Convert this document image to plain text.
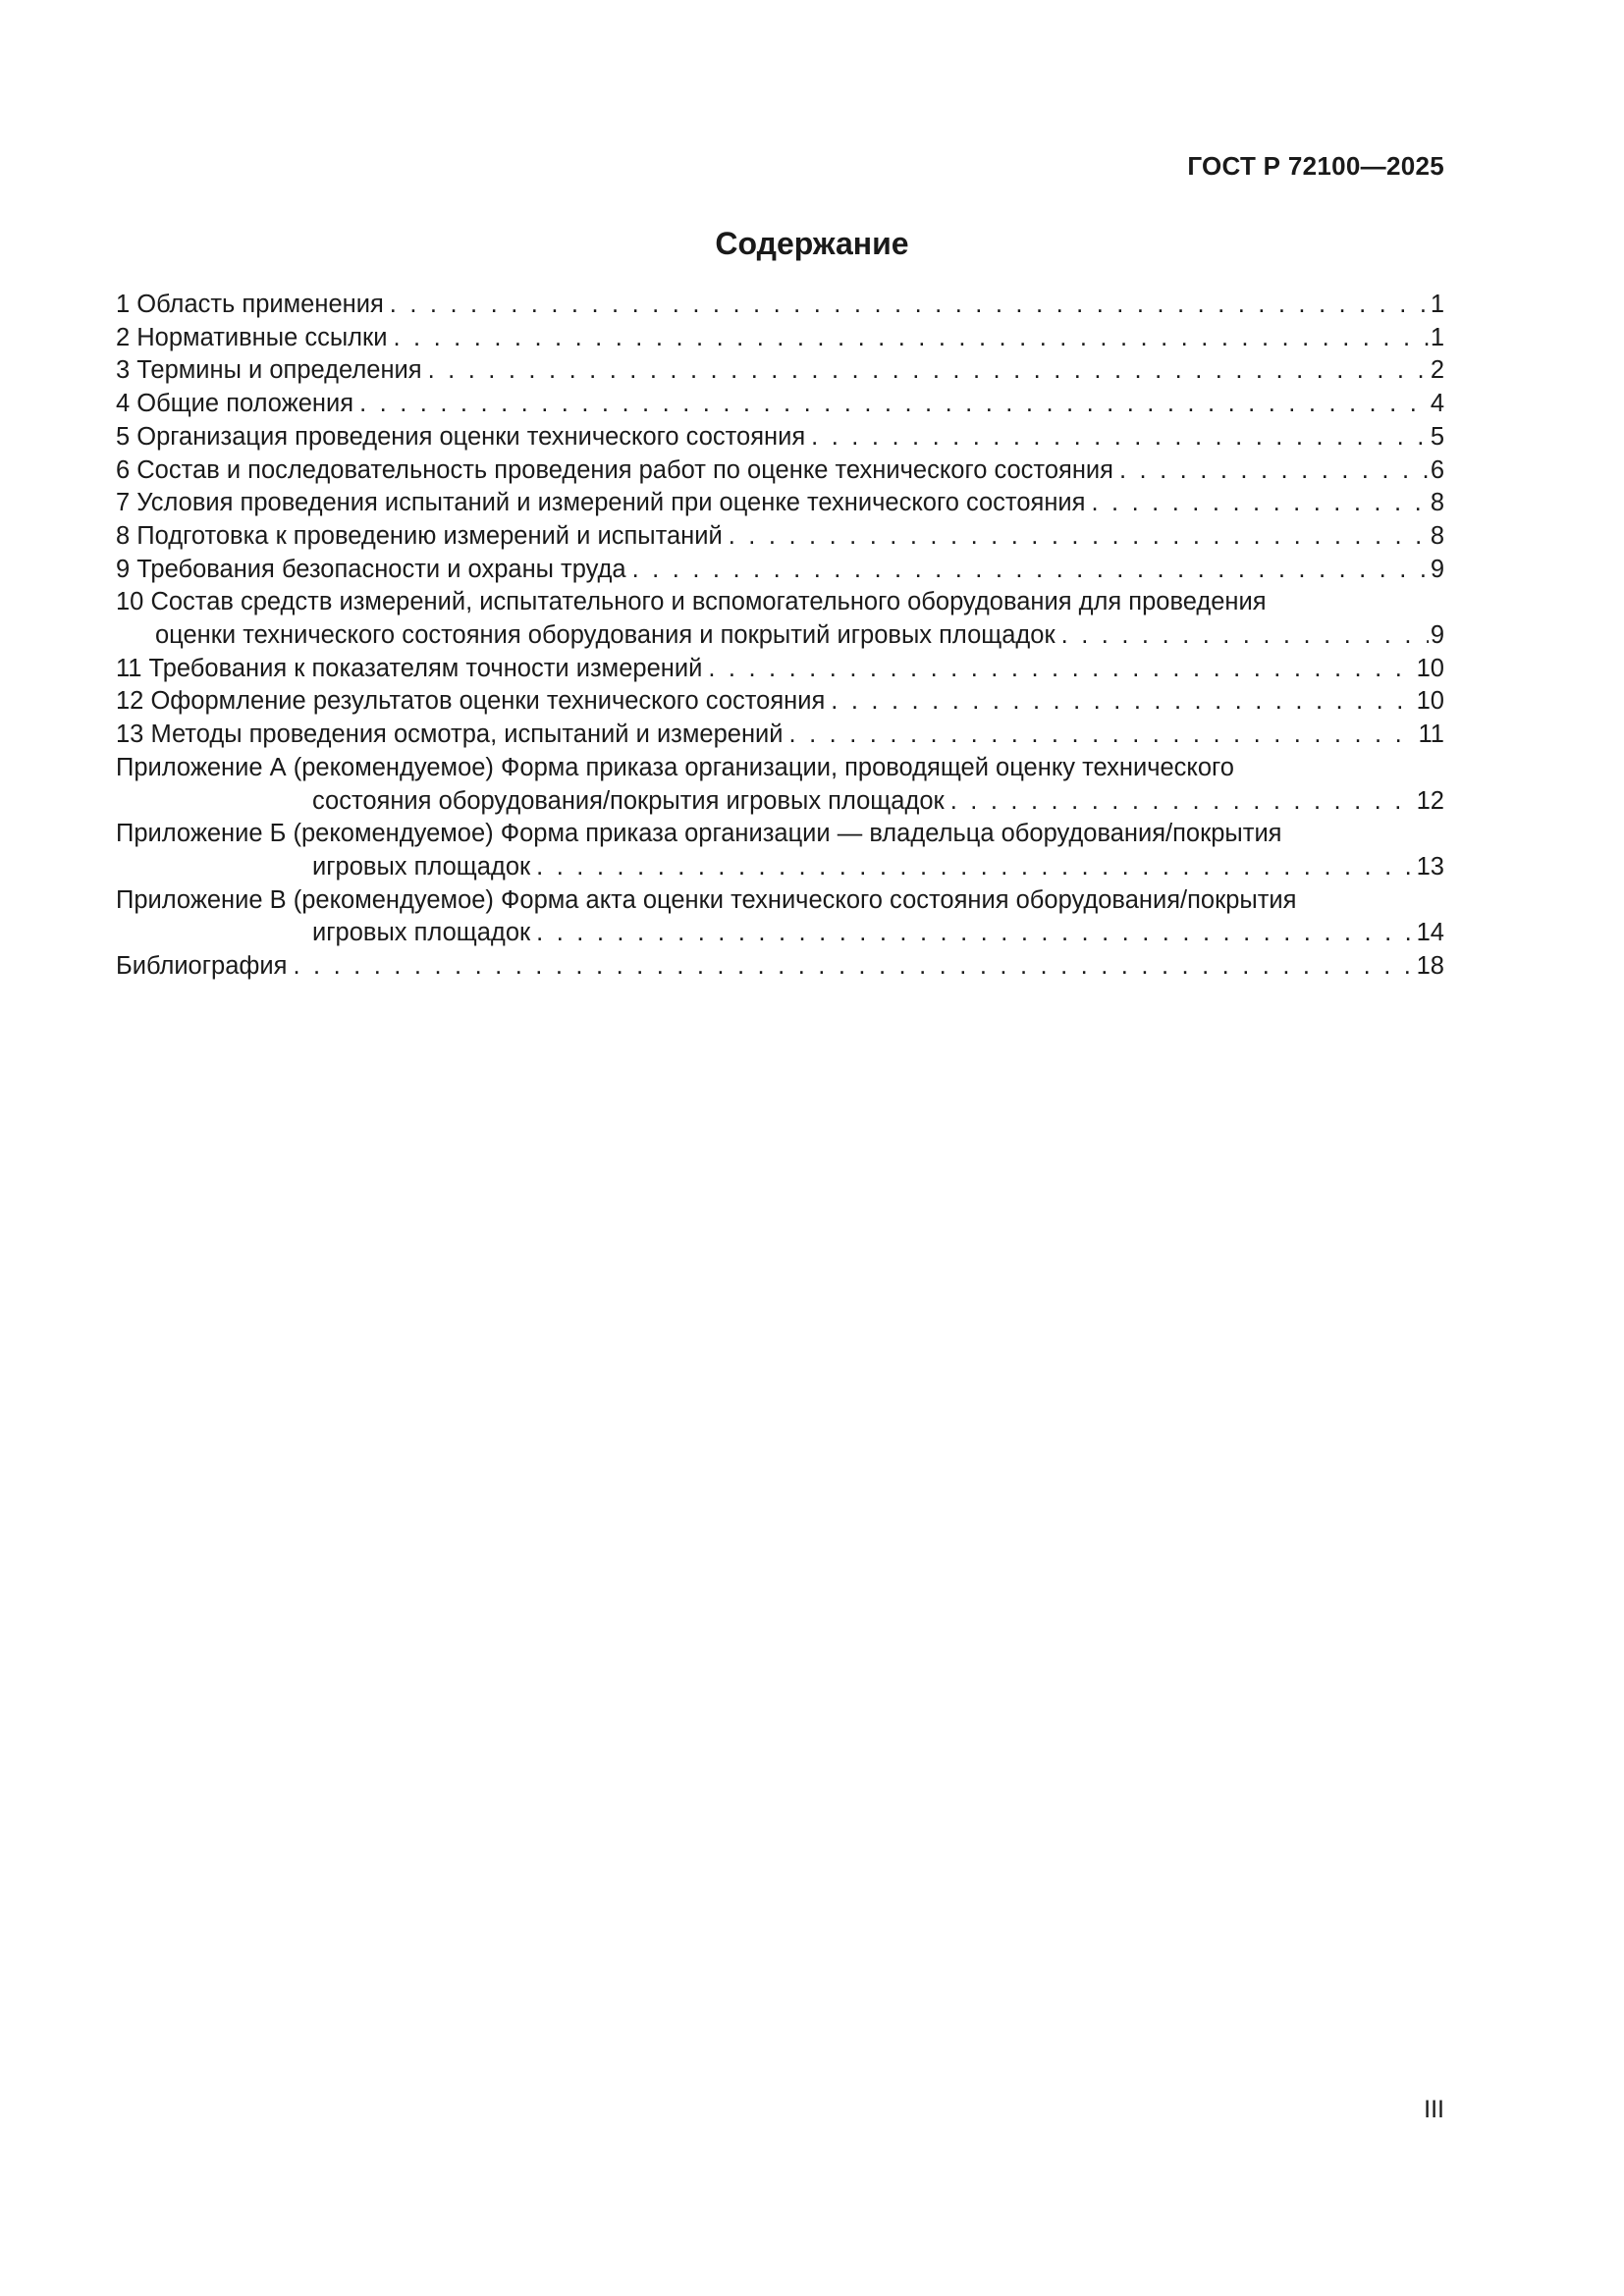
ГОСТ Р 72100—2025
Содержание
1 Область применения . . .	1
2 Нормативные ссылки . . .	1
3 Термины и определения . . .	2
4 Общие положения . . .	4
5 Организация проведения оценки технического состояния . . .	5
6 Состав и последовательность проведения работ по оценке технического состояния . . .	6
7 Условия проведения испытаний и измерений при оценке технического состояния . . .	8
8 Подготовка к проведению измерений и испытаний . . .	8
9 Требования безопасности и охраны труда . . .	9
10 Состав средств измерений, испытательного и вспомогательного оборудования для проведения
оценки технического состояния оборудования и покрытий игровых площадок . . .	9
11 Требования к показателям точности измерений . . .	10
12 Оформление результатов оценки технического состояния . . .	10
13 Методы проведения осмотра, испытаний и измерений . . .	11
Приложение А (рекомендуемое) Форма приказа организации, проводящей оценку технического
состояния оборудования/покрытия игровых площадок . . .	12
Приложение Б (рекомендуемое) Форма приказа организации — владельца оборудования/покрытия
игровых площадок . . .	13
Приложение В (рекомендуемое) Форма акта оценки технического состояния оборудования/покрытия
игровых площадок . . .	14
Библиография . . .	18
III
